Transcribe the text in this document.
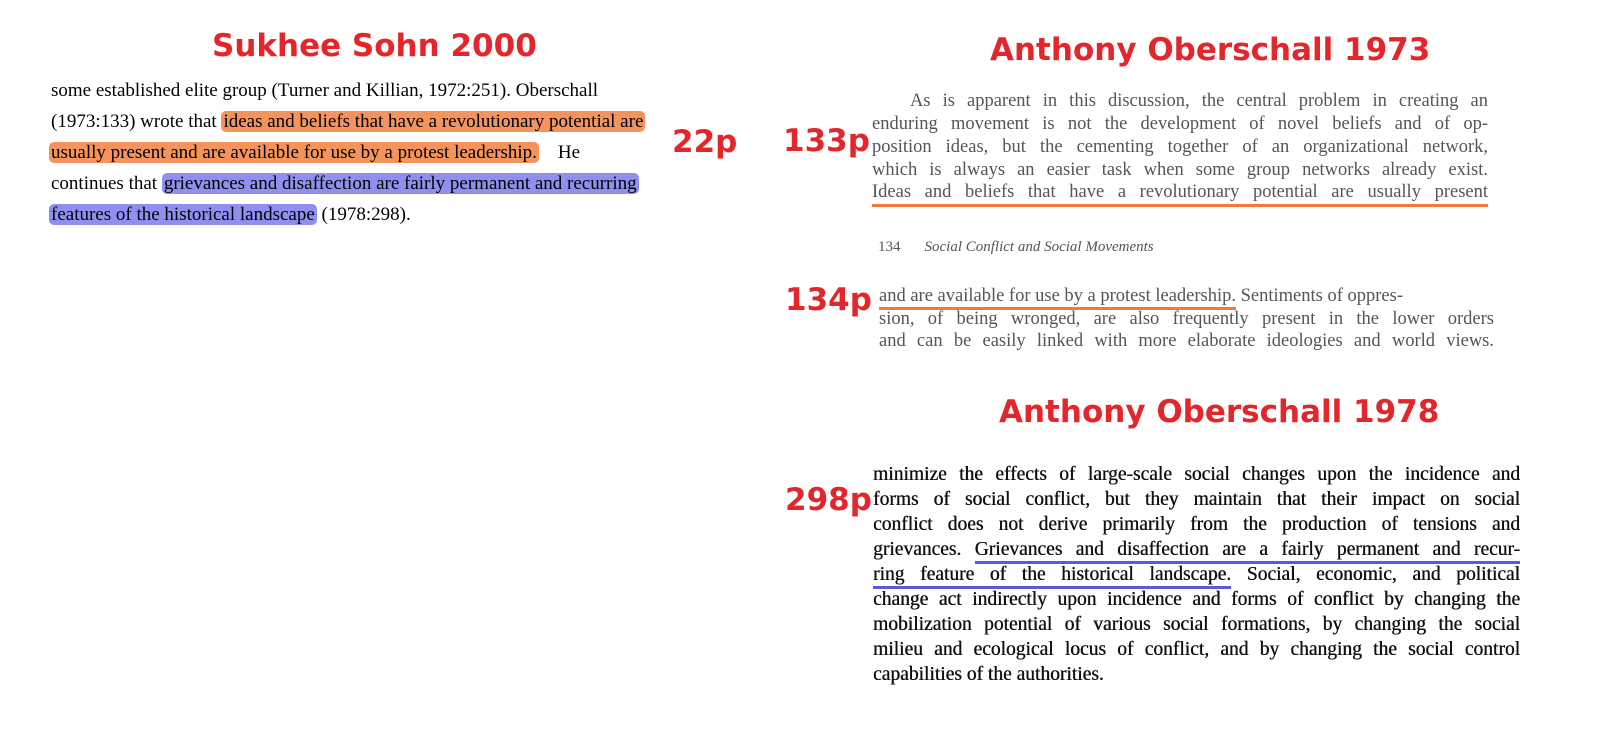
Sukhee Sohn 2000
22p
some established elite group (Turner and Killian, 1972:251). Oberschall
(1973:133) wrote that ideas and beliefs that have a revolutionary potential are
usually present and are available for use by a protest leadership.    He
continues that grievances and disaffection are fairly permanent and recurring
features of the historical landscape (1978:298).
Anthony Oberschall 1973
133p
As is apparent in this discussion, the central problem in creating an
enduring movement is not the development of novel beliefs and of op-
position ideas, but the cementing together of an organizational network,
which is always an easier task when some group networks already exist.
Ideas and beliefs that have a revolutionary potential are usually present
134 Social Conflict and Social Movements
134p and are available for use by a protest leadership. Sentiments of oppres-
sion, of being wronged, are also frequently present in the lower orders
and can be easily linked with more elaborate ideologies and world views.
Anthony Oberschall 1978
298p
minimize the effects of large-scale social changes upon the incidence and
forms of social conflict, but they maintain that their impact on social
conflict does not derive primarily from the production of tensions and
grievances. Grievances and disaffection are a fairly permanent and recur-
ring feature of the historical landscape. Social, economic, and political
change act indirectly upon incidence and forms of conflict by changing the
mobilization potential of various social formations, by changing the social
milieu and ecological locus of conflict, and by changing the social control
capabilities of the authorities.
